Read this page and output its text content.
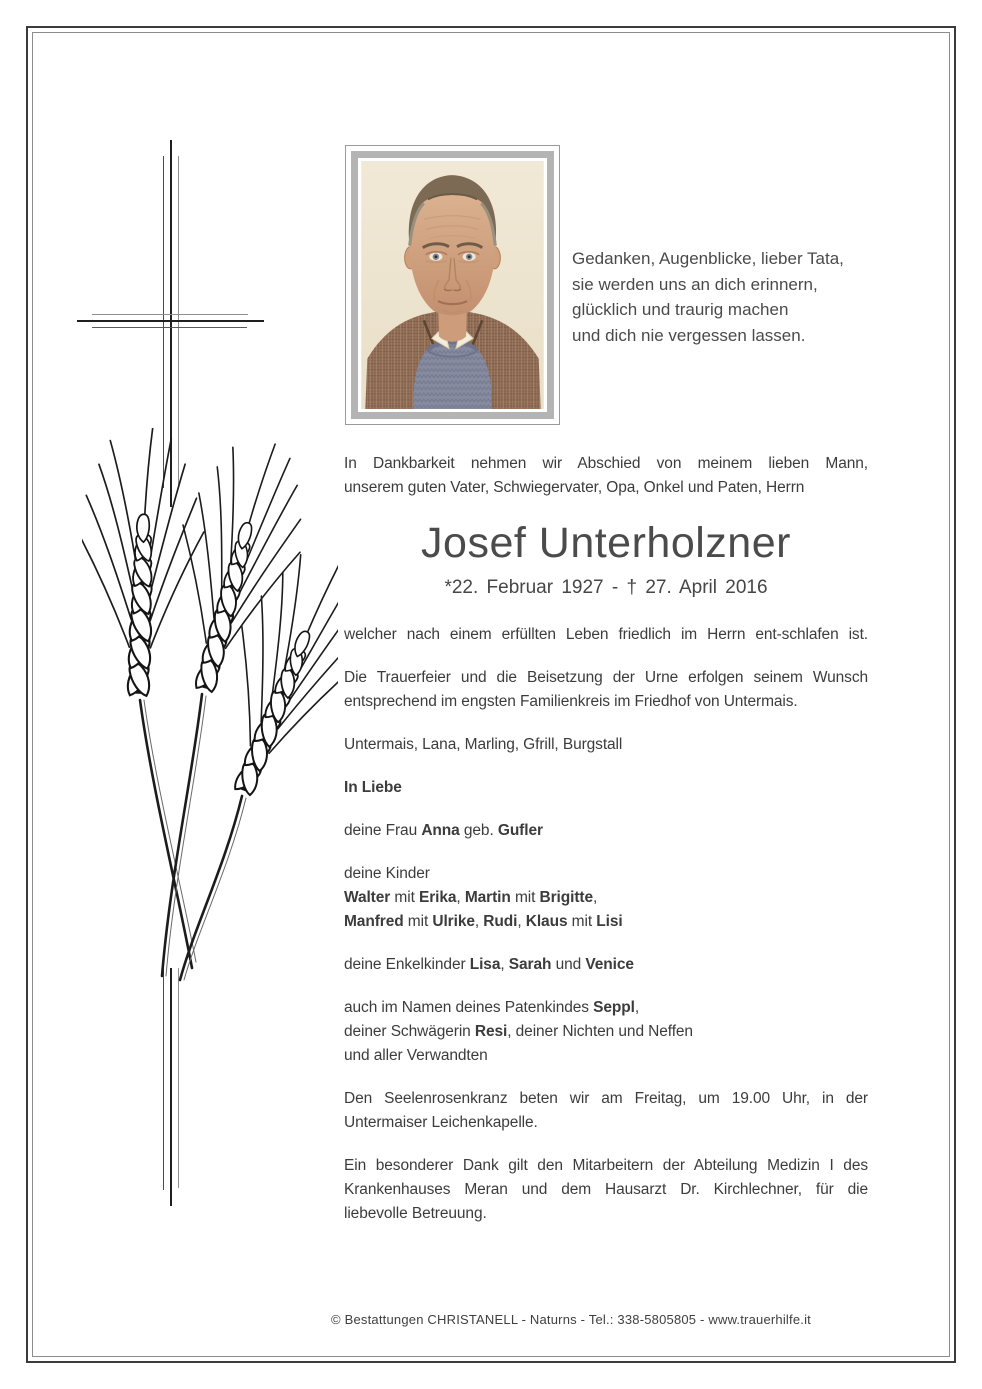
Gedanken, Augenblicke, lieber Tata,
sie werden uns an dich erinnern,
glücklich und traurig machen
und dich nie vergessen lassen.
In Dankbarkeit nehmen wir Abschied von meinem lieben Mann,
unserem guten Vater, Schwiegervater, Opa, Onkel und Paten, Herrn
Josef Unterholzner
*22. Februar 1927 - † 27. April 2016
welcher nach einem erfüllten Leben friedlich im Herrn ent-schlafen ist.
Die Trauerfeier und die Beisetzung der Urne erfolgen seinem Wunsch
entsprechend im engsten Familienkreis im Friedhof von Untermais.
Untermais, Lana, Marling, Gfrill, Burgstall
In Liebe
deine Frau Anna geb. Gufler
deine Kinder
Walter mit Erika, Martin mit Brigitte,
Manfred mit Ulrike, Rudi, Klaus mit Lisi
deine Enkelkinder Lisa, Sarah und Venice
auch im Namen deines Patenkindes Seppl,
deiner Schwägerin Resi, deiner Nichten und Neffen
und aller Verwandten
Den Seelenrosenkranz beten wir am Freitag, um 19.00 Uhr, in der
Untermaiser Leichenkapelle.
Ein besonderer Dank gilt den Mitarbeitern der Abteilung Medizin I des
Krankenhauses Meran und dem Hausarzt Dr. Kirchlechner, für die
liebevolle Betreuung.
© Bestattungen CHRISTANELL - Naturns - Tel.: 338-5805805 - www.trauerhilfe.it
